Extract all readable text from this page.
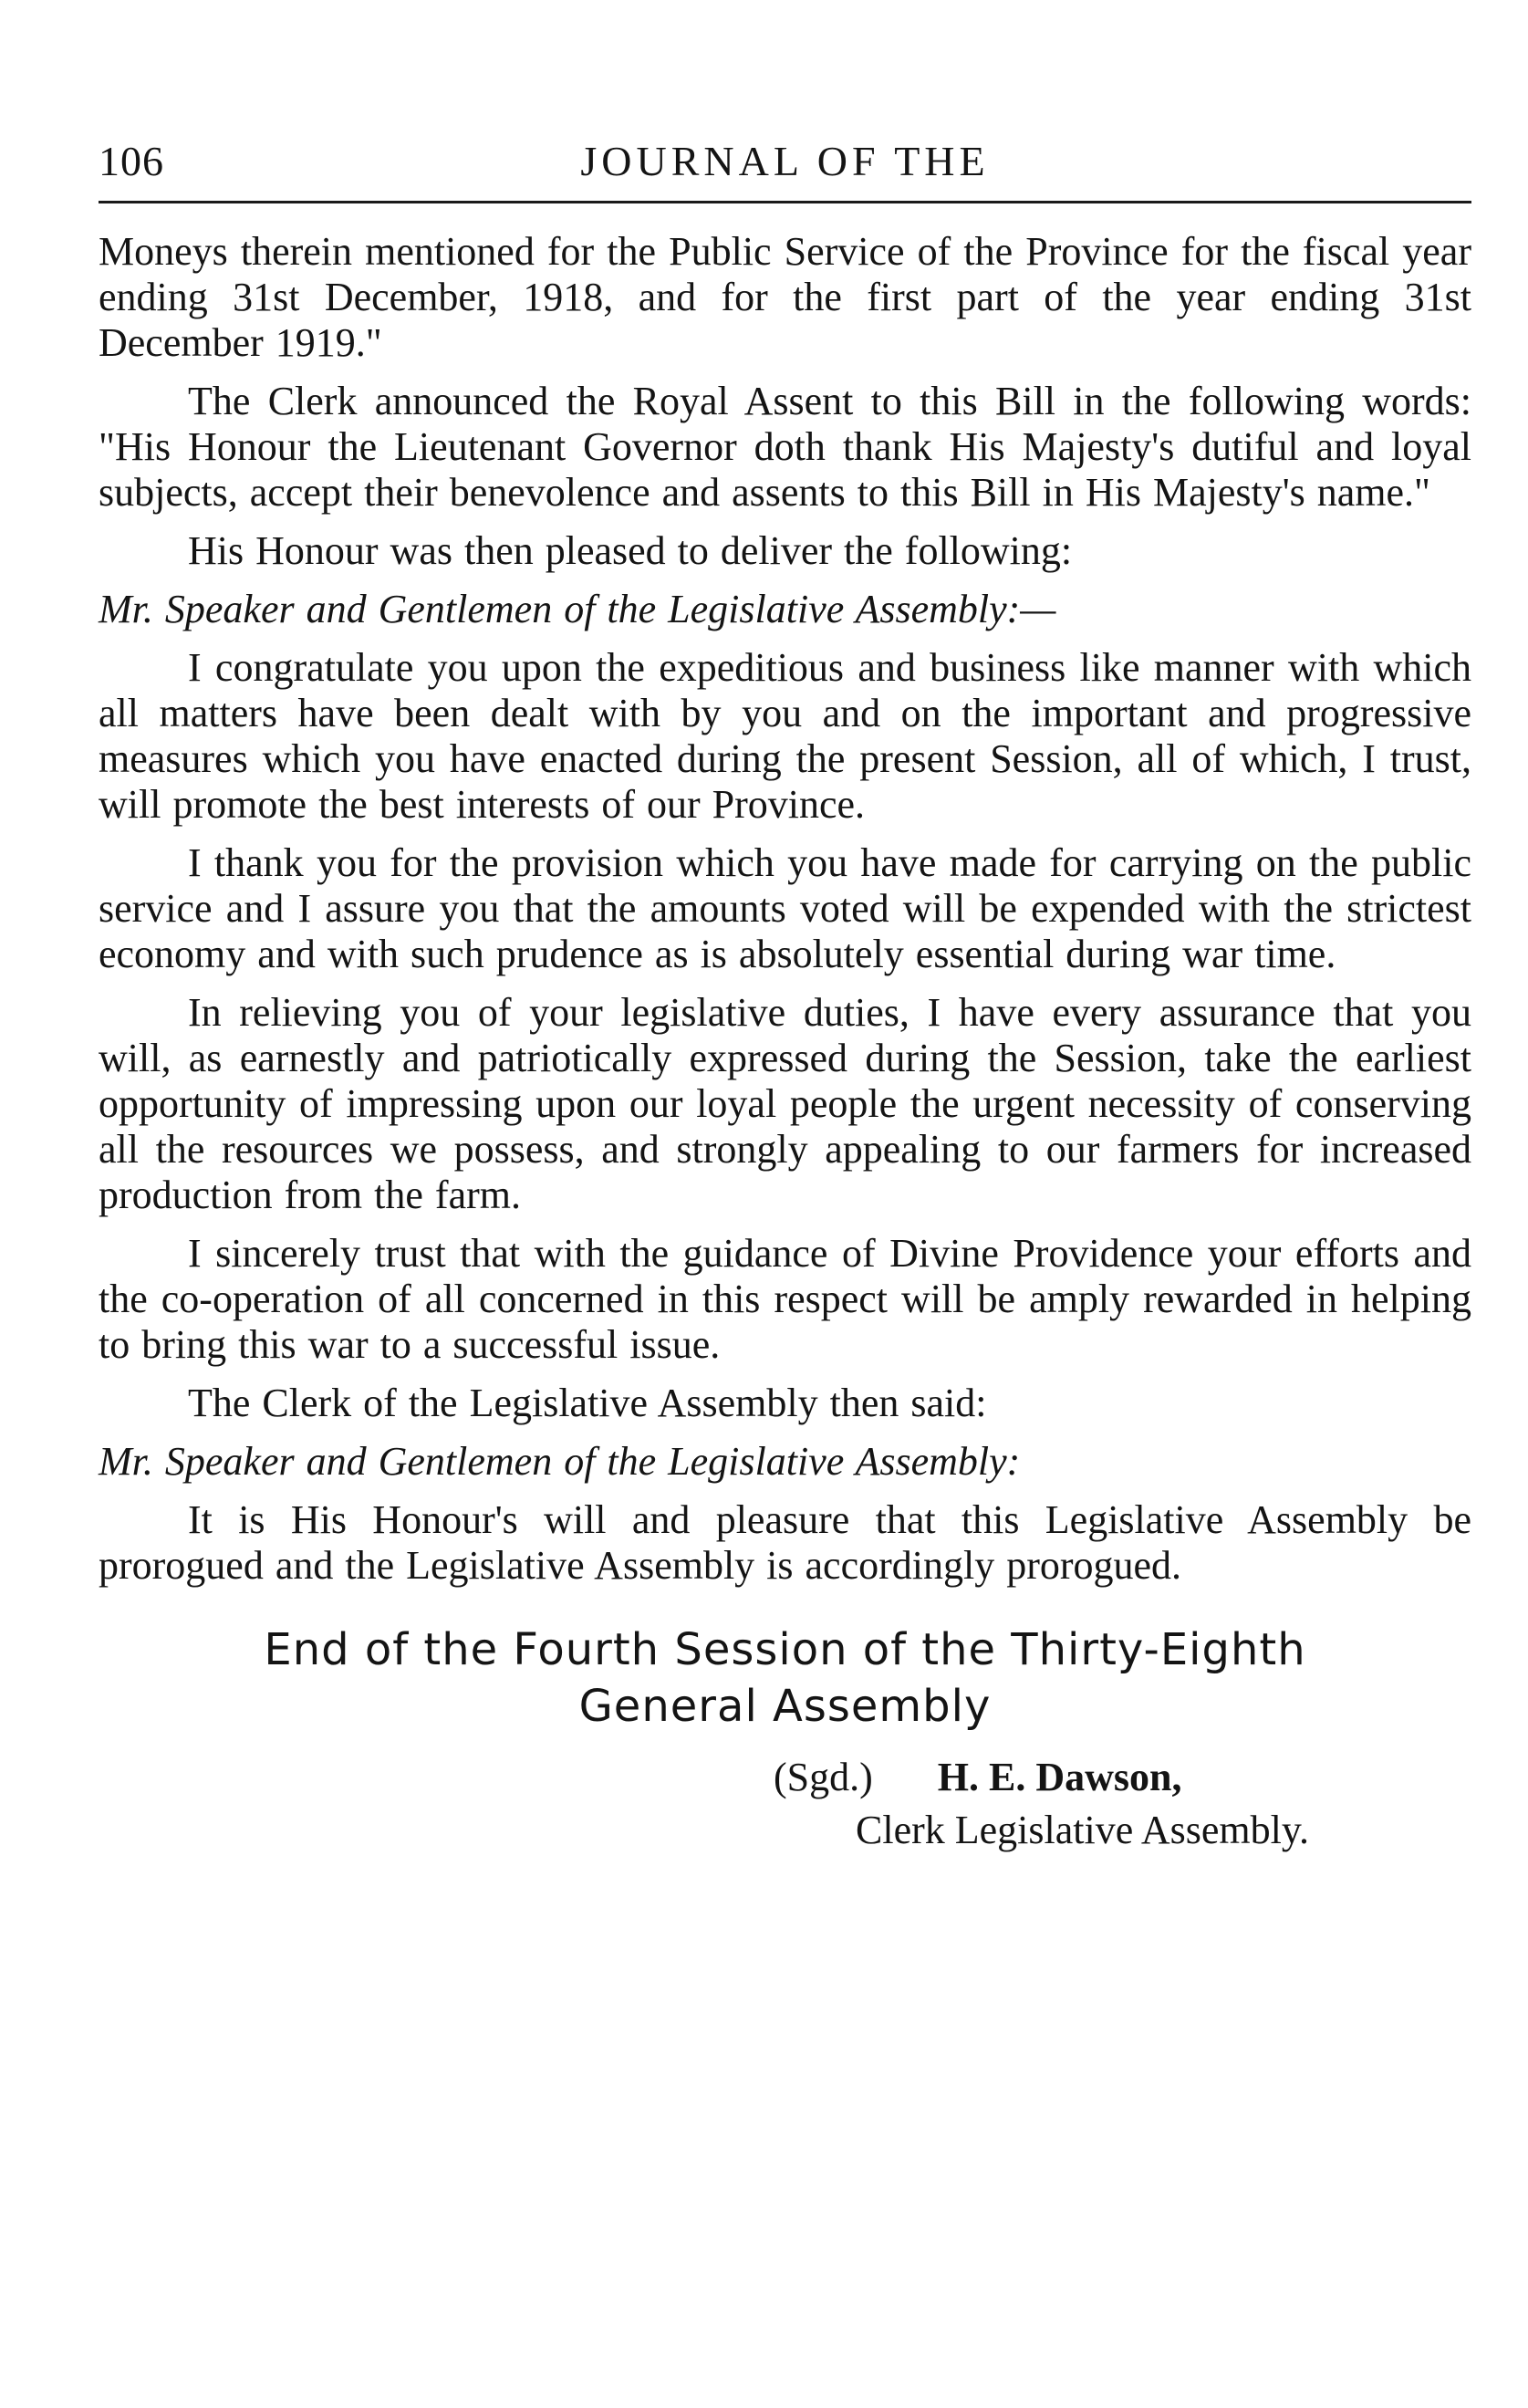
106	JOURNAL OF THE

Moneys therein mentioned for the Public Service of the Province for the fiscal year ending 31st December, 1918, and for the first part of the year ending 31st December 1919."

The Clerk announced the Royal Assent to this Bill in the following words: "His Honour the Lieutenant Governor doth thank His Majesty's dutiful and loyal subjects, accept their benevolence and assents to this Bill in His Majesty's name."

His Honour was then pleased to deliver the following:

Mr. Speaker and Gentlemen of the Legislative Assembly:—

I congratulate you upon the expeditious and business like manner with which all matters have been dealt with by you and on the important and progressive measures which you have enacted during the present Session, all of which, I trust, will promote the best interests of our Province.

I thank you for the provision which you have made for carrying on the public service and I assure you that the amounts voted will be expended with the strictest economy and with such prudence as is absolutely essential during war time.

In relieving you of your legislative duties, I have every assurance that you will, as earnestly and patriotically expressed during the Session, take the earliest opportunity of impressing upon our loyal people the urgent necessity of conserving all the resources we possess, and strongly appealing to our farmers for increased production from the farm.

I sincerely trust that with the guidance of Divine Providence your efforts and the co-operation of all concerned in this respect will be amply rewarded in helping to bring this war to a successful issue.

The Clerk of the Legislative Assembly then said:

Mr. Speaker and Gentlemen of the Legislative Assembly:

It is His Honour's will and pleasure that this Legislative Assembly be prorogued and the Legislative Assembly is accordingly prorogued.

End of the Fourth Session of the Thirty-Eighth
General Assembly
(Sgd.) H. E. Dawson,
Clerk Legislative Assembly.
